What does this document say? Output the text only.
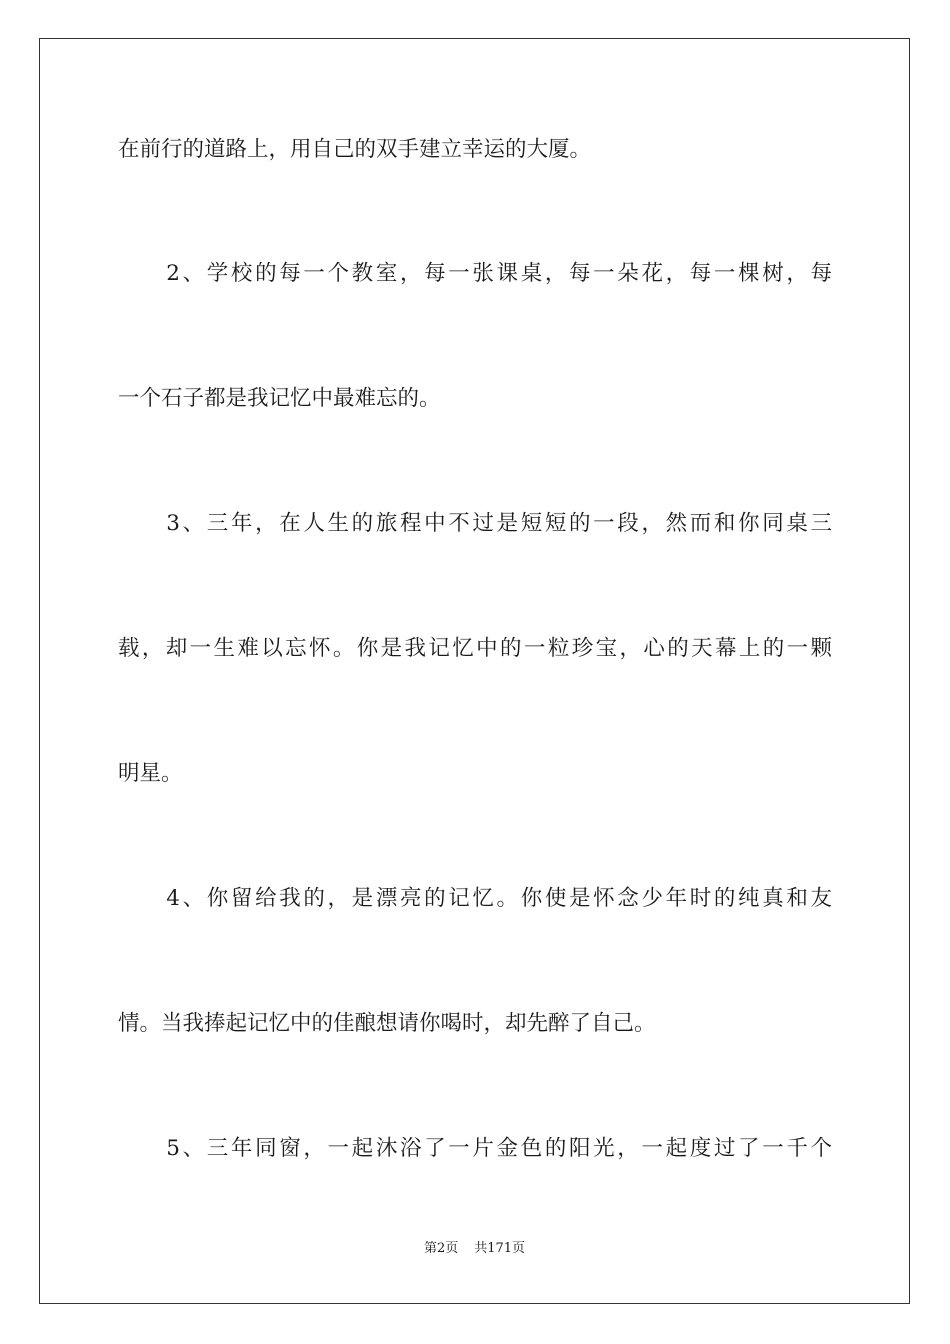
在前行的道路上，用自己的双手建立幸运的大厦。
　　2、学校的每一个教室，每一张课桌，每一朵花，每一棵树，每
一个石子都是我记忆中最难忘的。
　　3、三年，在人生的旅程中不过是短短的一段，然而和你同桌三
载，却一生难以忘怀。你是我记忆中的一粒珍宝，心的天幕上的一颗
明星。
　　4、你留给我的，是漂亮的记忆。你使是怀念少年时的纯真和友
情。当我捧起记忆中的佳酿想请你喝时，却先醉了自己。
　　5、三年同窗，一起沐浴了一片金色的阳光，一起度过了一千个
第2页 共171页
